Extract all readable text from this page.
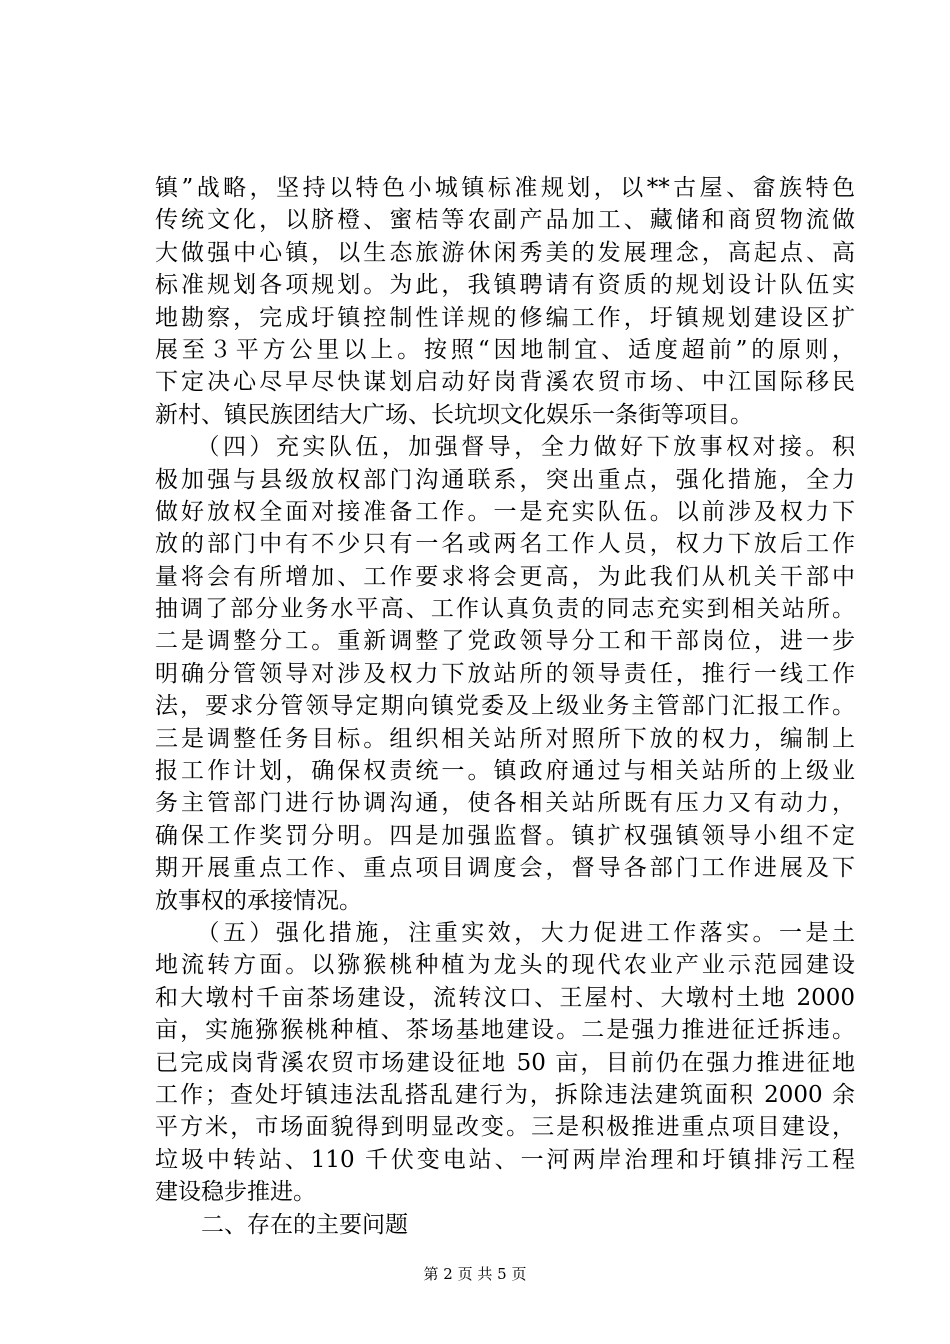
镇”战略，坚持以特色小城镇标准规划，以**古屋、畲族特色
传统文化，以脐橙、蜜桔等农副产品加工、藏储和商贸物流做
大做强中心镇，以生态旅游休闲秀美的发展理念，高起点、高
标准规划各项规划。为此，我镇聘请有资质的规划设计队伍实
地勘察，完成圩镇控制性详规的修编工作，圩镇规划建设区扩
展至３平方公里以上。按照“因地制宜、适度超前”的原则，
下定决心尽早尽快谋划启动好岗背溪农贸市场、中江国际移民
新村、镇民族团结大广场、长坑坝文化娱乐一条街等项目。
　　（四）充实队伍，加强督导，全力做好下放事权对接。积
极加强与县级放权部门沟通联系，突出重点，强化措施，全力
做好放权全面对接准备工作。一是充实队伍。以前涉及权力下
放的部门中有不少只有一名或两名工作人员，权力下放后工作
量将会有所增加、工作要求将会更高，为此我们从机关干部中
抽调了部分业务水平高、工作认真负责的同志充实到相关站所。
二是调整分工。重新调整了党政领导分工和干部岗位，进一步
明确分管领导对涉及权力下放站所的领导责任，推行一线工作
法，要求分管领导定期向镇党委及上级业务主管部门汇报工作。
三是调整任务目标。组织相关站所对照所下放的权力，编制上
报工作计划，确保权责统一。镇政府通过与相关站所的上级业
务主管部门进行协调沟通，使各相关站所既有压力又有动力，
确保工作奖罚分明。四是加强监督。镇扩权强镇领导小组不定
期开展重点工作、重点项目调度会，督导各部门工作进展及下
放事权的承接情况。
　　（五）强化措施，注重实效，大力促进工作落实。一是土
地流转方面。以猕猴桃种植为龙头的现代农业产业示范园建设
和大墩村千亩茶场建设，流转汶口、王屋村、大墩村土地 2000
亩，实施猕猴桃种植、茶场基地建设。二是强力推进征迁拆违。
已完成岗背溪农贸市场建设征地 50 亩，目前仍在强力推进征地
工作；查处圩镇违法乱搭乱建行为，拆除违法建筑面积 2000 余
平方米，市场面貌得到明显改变。三是积极推进重点项目建设，
垃圾中转站、110 千伏变电站、一河两岸治理和圩镇排污工程
建设稳步推进。
　　二、存在的主要问题
第 2 页 共 5 页
